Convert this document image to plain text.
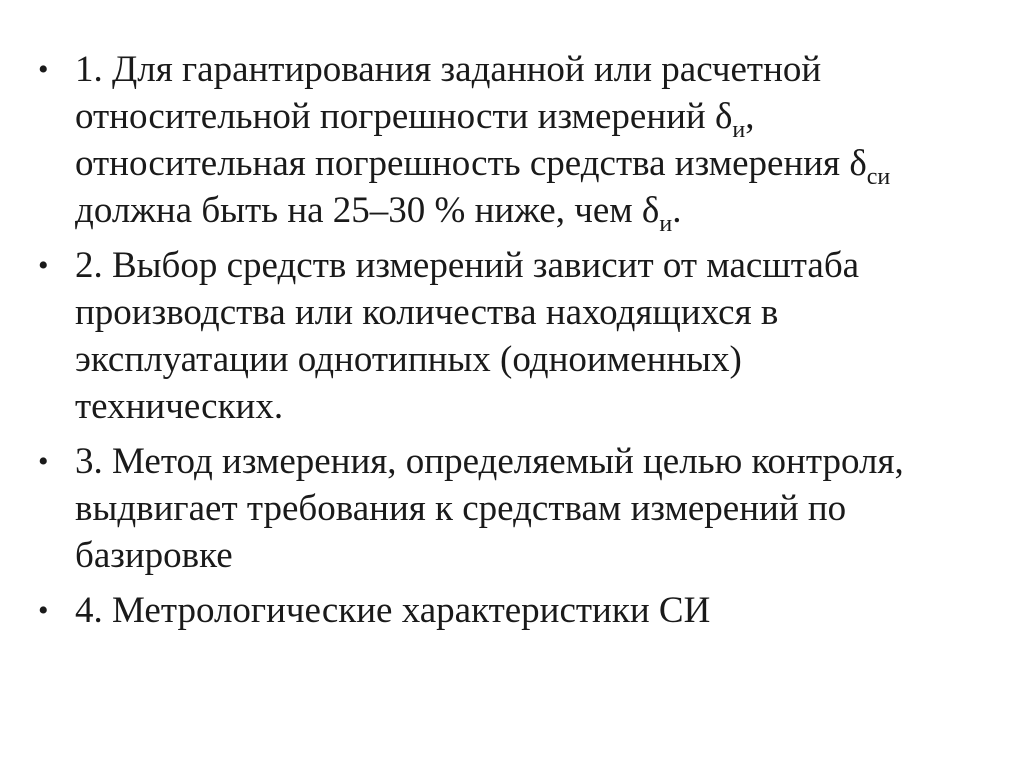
• 1. Для гарантирования заданной или расчетной
относительной погрешности измерений $\delta_и$,
относительная погрешность средства измерения $\delta_{си}$
должна быть на 25–30 % ниже, чем $\delta_и$.
• 2. Выбор средств измерений зависит от масштаба
производства или количества находящихся в
эксплуатации однотипных (одноименных)
технических.
• 3. Метод измерения, определяемый целью контроля,
выдвигает требования к средствам измерений по
базировке
• 4. Метрологические характеристики СИ
